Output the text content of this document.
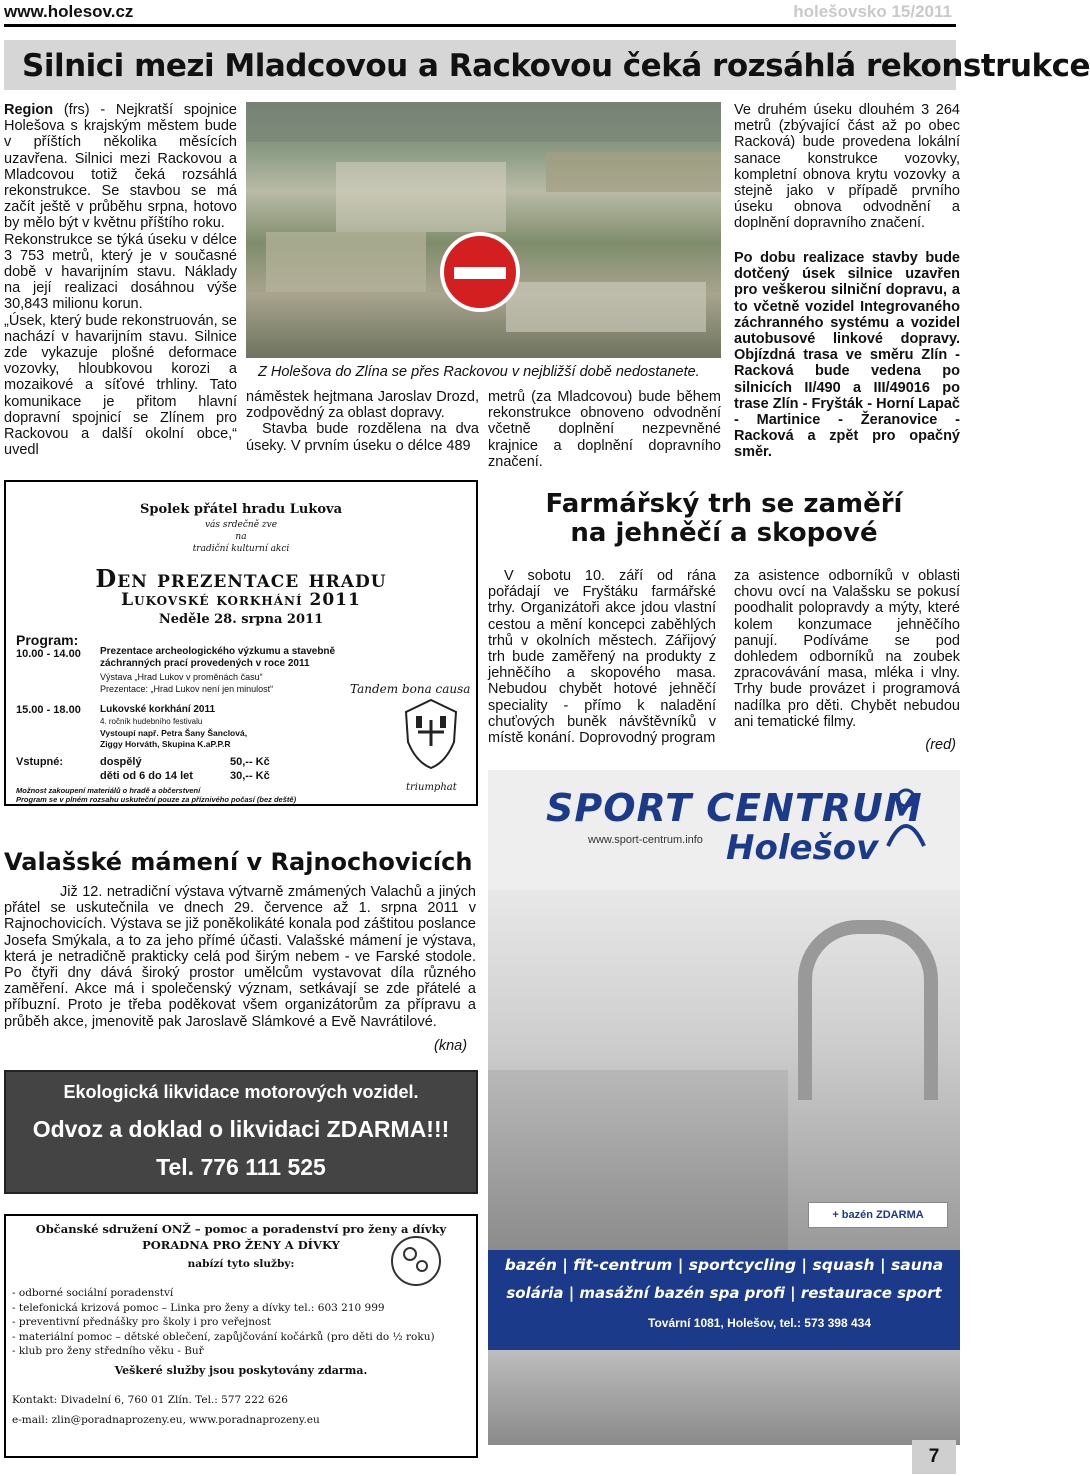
www.holesov.cz	holešovsko 15/2011
Silnici mezi Mladcovou a Rackovou čeká rozsáhlá rekonstrukce

Region (frs) - Nejkratší spojnice Holešova s krajským městem bude v příštích několika měsících uzavřena. Silnici mezi Rackovou a Mladcovou totiž čeká rozsáhlá rekonstrukce. Se stavbou se má začít ještě v průběhu srpna, hotovo by mělo být v květnu příštího roku.

Rekonstrukce se týká úseku v délce 3 753 metrů, který je v současné době v havarijním stavu. Náklady na její realizaci dosáhnou výše 30,843 milionu korun.

„Úsek, který bude rekonstruován, se nachází v havarijním stavu. Silnice zde vykazuje plošné deformace vozovky, hloubkovou korozi a mozaikové a síťové trhliny. Tato komunikace je přitom hlavní dopravní spojnicí se Zlínem pro Rackovou a další okolní obce,“ uvedl

Z Holešova do Zlína se přes Rackovou v nejbližší době nedostanete.

náměstek hejtmana Jaroslav Drozd, zodpovědný za oblast dopravy.

Stavba bude rozdělena na dva úseky. V prvním úseku o délce 489

metrů (za Mladcovou) bude během rekonstrukce obnoveno odvodnění včetně doplnění nezpevněné krajnice a doplnění dopravního značení.
Ve druhém úseku dlouhém 3 264 metrů (zbývající část až po obec Racková) bude provedena lokální sanace konstrukce vozovky, kompletní obnova krytu vozovky a stejně jako v případě prvního úseku obnova odvodnění a doplnění dopravního značení.
Po dobu realizace stavby bude dotčený úsek silnice uzavřen pro veškerou silniční dopravu, a to včetně vozidel Integrovaného záchranného systému a vozidel autobusové linkové dopravy. Objízdná trasa ve směru Zlín - Racková bude vedena po silnicích II/490 a III/49016 po trase Zlín - Fryšták - Horní Lapač - Martinice - Žeranovice - Racková a zpět pro opačný směr.
Spolek přátel hradu Lukova
vás srdečně zve
na
tradiční kulturní akci
Den prezentace hradu
Lukovské korkhání 2011
Neděle 28. srpna 2011
Program:
10.00 - 14.00 Prezentace archeologického výzkumu a stavebně záchranných prací provedených v roce 2011
Výstava „Hrad Lukov v proměnách času“
Prezentace: „Hrad Lukov není jen minulost“
15.00 - 18.00 Lukovské korkhání 2011
4. ročník hudebního festivalu
Vystoupí např. Petra Šany Šanclová, Ziggy Horváth, Skupina K.aP.P.R
Vstupné:	dospělý	50,-- Kč
děti od 6 do 14 let	30,-- Kč
Možnost zakoupení materiálů o hradě a občerstvení
Program se v plném rozsahu uskuteční pouze za příznivého počasí (bez deště)
Tandem bona causa
triumphat
Farmářský trh se zaměří
na jehněčí a skopové
V sobotu 10. září od rána pořádají ve Fryštáku farmářské trhy. Organizátoři akce jdou vlastní cestou a mění koncepci zaběhlých trhů v okolních městech. Zářijový trh bude zaměřený na produkty z jehněčího a skopového masa. Nebudou chybět hotové jehněčí speciality - přímo k naladění chuťových buněk návštěvníků v místě konání. Doprovodný program
za asistence odborníků v oblasti chovu ovcí na Valašsku se pokusí poodhalit polopravdy a mýty, které kolem konzumace jehněčího panují. Podíváme se pod dohledem odborníků na zoubek zpracovávání masa, mléka i vlny. Trhy bude provázet i programová nadílka pro děti. Chybět nebudou ani tematické filmy.
(red)
SPORT CENTRUM
www.sport-centrum.info Holešov
+ bazén ZDARMA
bazén | fit-centrum | sportcycling | squash | sauna
solária | masážní bazén spa profi | restaurace sport
Tovární 1081, Holešov, tel.: 573 398 434
Valašské mámení v Rajnochovicích
Již 12. netradiční výstava výtvarně zmámených Valachů a jiných přátel se uskutečnila ve dnech 29. července až 1. srpna 2011 v Rajnochovicích. Výstava se již poněkolikáté konala pod záštitou poslance Josefa Smýkala, a to za jeho přímé účasti. Valašské mámení je výstava, která je netradičně prakticky celá pod širým nebem - ve Farské stodole. Po čtyři dny dává široký prostor umělcům vystavovat díla různého zaměření. Akce má i společenský význam, setkávají se zde přátelé a příbuzní. Proto je třeba poděkovat všem organizátorům za přípravu a průběh akce, jmenovitě pak Jaroslavě Slámkové a Evě Navrátilové.
(kna)
Ekologická likvidace motorových vozidel.
Odvoz a doklad o likvidaci ZDARMA!!!
Tel. 776 111 525
Občanské sdružení ONŽ – pomoc a poradenství pro ženy a dívky
PORADNA PRO ŽENY A DÍVKY
nabízí tyto služby:
- odborné sociální poradenství
- telefonická krizová pomoc – Linka pro ženy a dívky tel.: 603 210 999
- preventivní přednášky pro školy i pro veřejnost
- materiální pomoc – dětské oblečení, zapůjčování kočárků (pro děti do ½ roku)
- klub pro ženy středního věku - Buř
Veškeré služby jsou poskytovány zdarma.
Kontakt: Divadelní 6, 760 01 Zlín. Tel.: 577 222 626
e-mail: zlin@poradnaprozeny.eu, www.poradnaprozeny.eu
7
